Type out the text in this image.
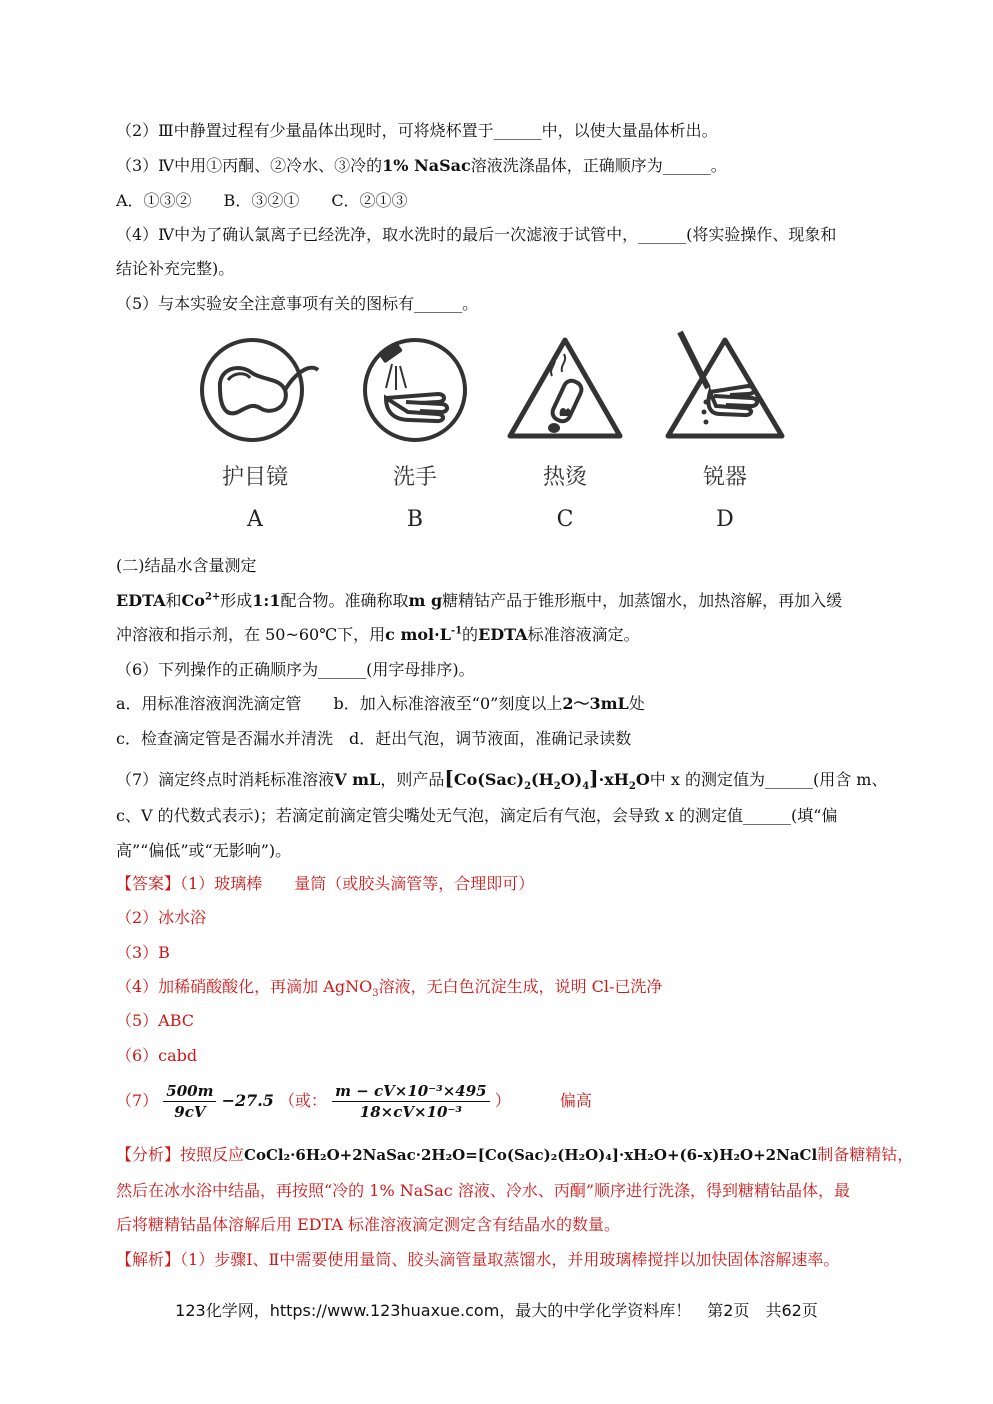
（2）Ⅲ中静置过程有少量晶体出现时，可将烧杯置于______中，以使大量晶体析出。
（3）Ⅳ中用①丙酮、②冷水、③冷的1% NaSac溶液洗涤晶体，正确顺序为______。
A．①③②　　B．③②①　　C．②①③
（4）Ⅳ中为了确认氯离子已经洗净，取水洗时的最后一次滤液于试管中，______(将实验操作、现象和
结论补充完整)。
（5）与本实验安全注意事项有关的图标有______。
护目镜
A
洗手
B
热烫
C
锐器
D
(二)结晶水含量测定
EDTA和$Co^{2+}$形成1:1配合物。准确称取m g糖精钴产品于锥形瓶中，加蒸馏水，加热溶解，再加入缓
冲溶液和指示剂，在 50~60℃下，用c $mol\cdot L^{-1}$的EDTA标准溶液滴定。
（6）下列操作的正确顺序为______(用字母排序)。
a．用标准溶液润洗滴定管　　b．加入标准溶液至“0”刻度以上2～3mL处
c．检查滴定管是否漏水并清洗　d．赶出气泡，调节液面，准确记录读数
（7）滴定终点时消耗标准溶液V mL，则产品$[Co(Sac)_2(H_2O)_4]\cdot xH_2O$中 x 的测定值为______(用含 m、
c、V 的代数式表示)；若滴定前滴定管尖嘴处无气泡，滴定后有气泡，会导致 x 的测定值______(填“偏
高”“偏低”或“无影响”)。
【答案】（1）玻璃棒　　量筒（或胶头滴管等，合理即可）
（2）冰水浴
（3）B
（4）加稀硝酸酸化，再滴加 AgNO$_3$溶液，无白色沉淀生成，说明 Cl-已洗净
（5）ABC
（6）cabd
$(7) \frac{500m}{9cV} -27.5$ （或： $\frac{\text{m − cV×10⁻³×495}}{\text{18×cV×10⁻³}}$ ）	偏高
【分析】按照反应CoCl₂·6H₂O+2NaSac·2H₂O=[Co(Sac)₂(H₂O)₄]·xH₂O+(6-x)H₂O+2NaCl制备糖精钴，
然后在冰水浴中结晶，再按照“冷的 1% NaSac 溶液、冷水、丙酮”顺序进行洗涤，得到糖精钴晶体，最
后将糖精钴晶体溶解后用 EDTA 标准溶液滴定测定含有结晶水的数量。
【解析】（1）步骤Ⅰ、Ⅱ中需要使用量筒、胶头滴管量取蒸馏水，并用玻璃棒搅拌以加快固体溶解速率。
123化学网，https://www.123huaxue.com，最大的中学化学资料库！　第2页　共62页
